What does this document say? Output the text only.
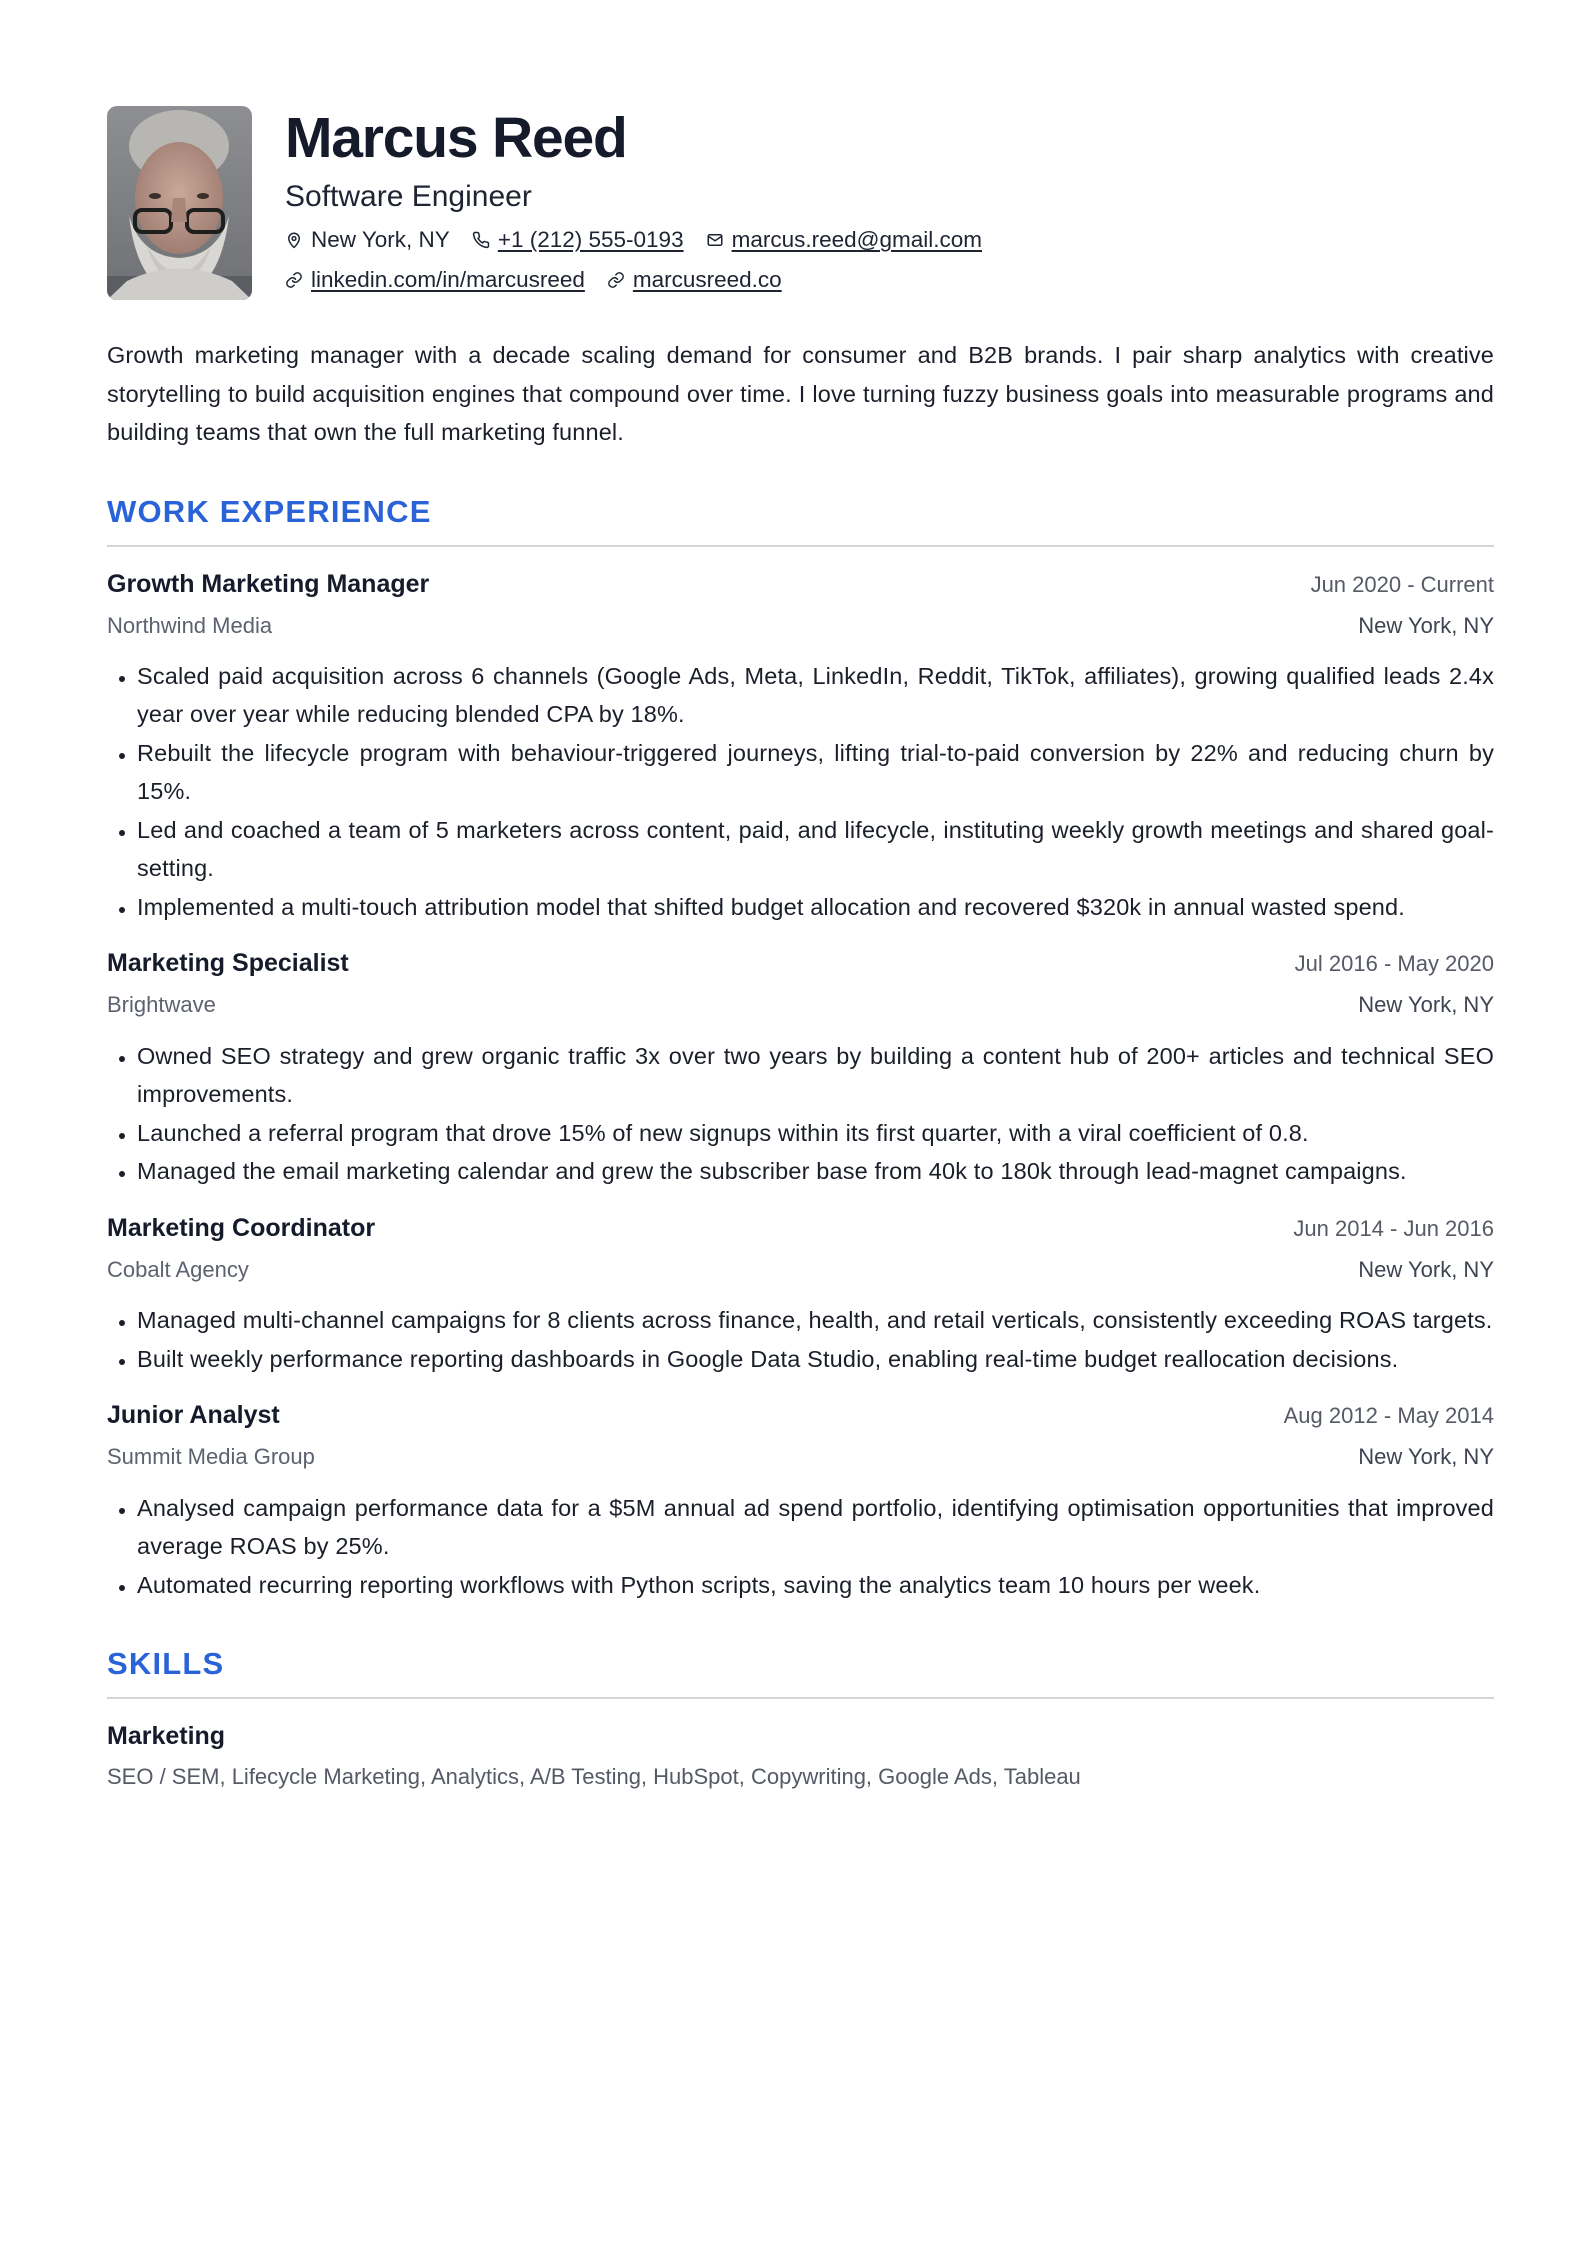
Marcus Reed
Software Engineer
New York, NY +1 (212) 555-0193 marcus.reed@gmail.com
linkedin.com/in/marcusreed marcusreed.co

Growth marketing manager with a decade scaling demand for consumer and B2B brands. I pair sharp analytics with creative storytelling to build acquisition engines that compound over time. I love turning fuzzy business goals into measurable programs and building teams that own the full marketing funnel.

WORK EXPERIENCE
Growth Marketing Manager	Jun 2020 - Current
Northwind Media	New York, NY
• Scaled paid acquisition across 6 channels (Google Ads, Meta, LinkedIn, Reddit, TikTok, affiliates), growing qualified leads 2.4x year over year while reducing blended CPA by 18%.
• Rebuilt the lifecycle program with behaviour-triggered journeys, lifting trial-to-paid conversion by 22% and reducing churn by 15%.
• Led and coached a team of 5 marketers across content, paid, and lifecycle, instituting weekly growth meetings and shared goal-setting.
• Implemented a multi-touch attribution model that shifted budget allocation and recovered $320k in annual wasted spend.
Marketing Specialist	Jul 2016 - May 2020
Brightwave	New York, NY
• Owned SEO strategy and grew organic traffic 3x over two years by building a content hub of 200+ articles and technical SEO improvements.
• Launched a referral program that drove 15% of new signups within its first quarter, with a viral coefficient of 0.8.
• Managed the email marketing calendar and grew the subscriber base from 40k to 180k through lead-magnet campaigns.
Marketing Coordinator	Jun 2014 - Jun 2016
Cobalt Agency	New York, NY
• Managed multi-channel campaigns for 8 clients across finance, health, and retail verticals, consistently exceeding ROAS targets.
• Built weekly performance reporting dashboards in Google Data Studio, enabling real-time budget reallocation decisions.
Junior Analyst	Aug 2012 - May 2014
Summit Media Group	New York, NY
• Analysed campaign performance data for a $5M annual ad spend portfolio, identifying optimisation opportunities that improved average ROAS by 25%.
• Automated recurring reporting workflows with Python scripts, saving the analytics team 10 hours per week.
SKILLS
Marketing
SEO / SEM, Lifecycle Marketing, Analytics, A/B Testing, HubSpot, Copywriting, Google Ads, Tableau
